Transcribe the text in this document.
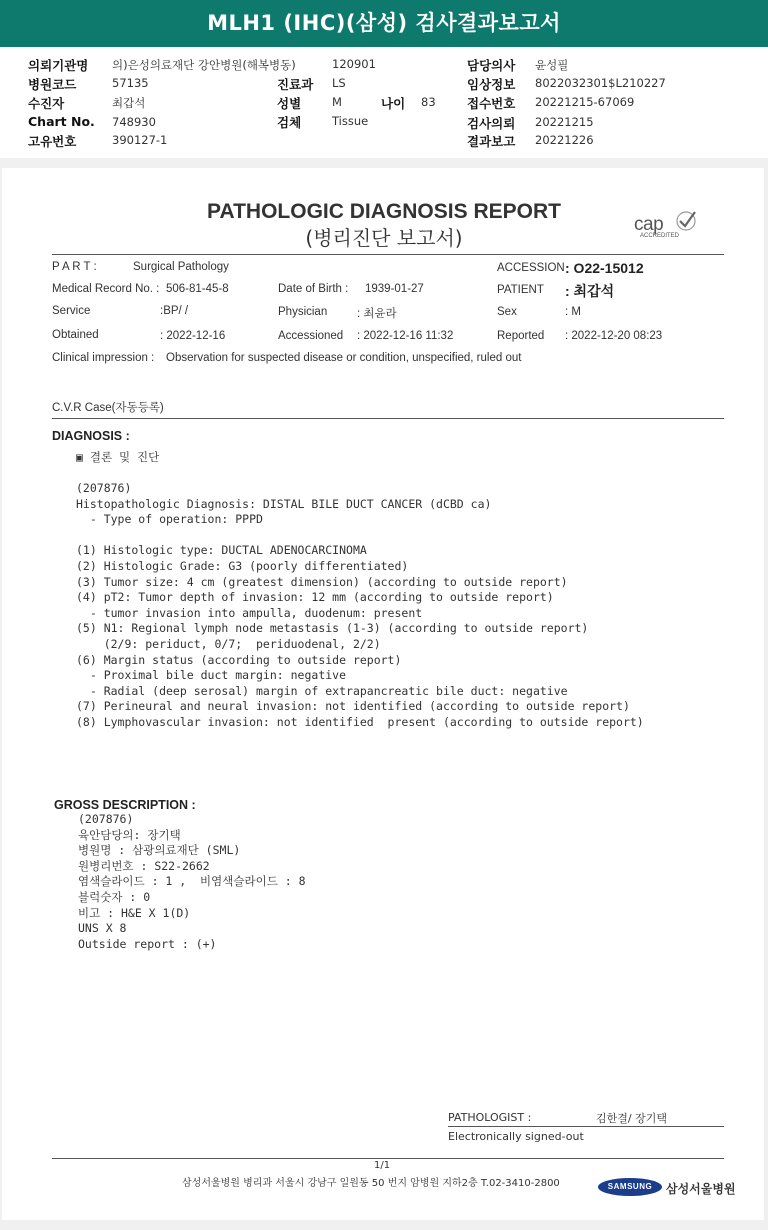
MLH1 (IHC)(삼성) 검사결과보고서
의뢰기관명 의)은성의료재단 강안병원(해복병동)	120901	담당의사 윤성필
병원코드	57135	진료과 LS	임상정보 8022032301$L210227
수진자	최갑석	성별	M	나이 83	접수번호 20221215-67069
Chart No. 748930	검체	Tissue	검사의뢰 20221215
고유번호	390127-1	결과보고 20221226
PATHOLOGIC DIAGNOSIS REPORT
(병리진단 보고서)
cap
ACCREDITED
P A R T :	Surgical Pathology	ACCESSION : O22-15012
Medical Record No. : 506-81-45-8	Date of Birth : 1939-01-27	PATIENT : 최갑석
Service	:BP/ /	Physician	: 최윤라	Sex	: M
Obtained	: 2022-12-16	Accessioned : 2022-12-16 11:32	Reported : 2022-12-20 08:23
Clinical impression : Observation for suspected disease or condition, unspecified, ruled out
C.V.R Case(자동등록)
DIAGNOSIS :
▣ 결론 및 진단
(207876)
Histopathologic Diagnosis: DISTAL BILE DUCT CANCER (dCBD ca)
- Type of operation: PPPD

(1) Histologic type: DUCTAL ADENOCARCINOMA
(2) Histologic Grade: G3 (poorly differentiated)
(3) Tumor size: 4 cm (greatest dimension) (according to outside report)
(4) pT2: Tumor depth of invasion: 12 mm (according to outside report)
- tumor invasion into ampulla, duodenum: present
(5) N1: Regional lymph node metastasis (1-3) (according to outside report)
(2/9: periduct, 0/7;  periduodenal, 2/2)
(6) Margin status (according to outside report)
- Proximal bile duct margin: negative
- Radial (deep serosal) margin of extrapancreatic bile duct: negative
(7) Perineural and neural invasion: not identified (according to outside report)
(8) Lymphovascular invasion: not identified  present (according to outside report)
GROSS DESCRIPTION :
(207876)
육안담당의: 장기택
병원명 : 삼광의료재단 (SML)
원병리번호 : S22-2662
염색슬라이드 : 1 ,  비염색슬라이드 : 8
블럭숫자 : 0
비고 : H&E X 1(D)
UNS X 8
Outside report : (+)
PATHOLOGIST :	김한결/ 장기택
Electronically signed-out
1/1
삼성서울병원 병리과 서울시 강남구 일원동 50 번지 암병원 지하2층 T.02-3410-2800	SAMSUNG	삼성서울병원
